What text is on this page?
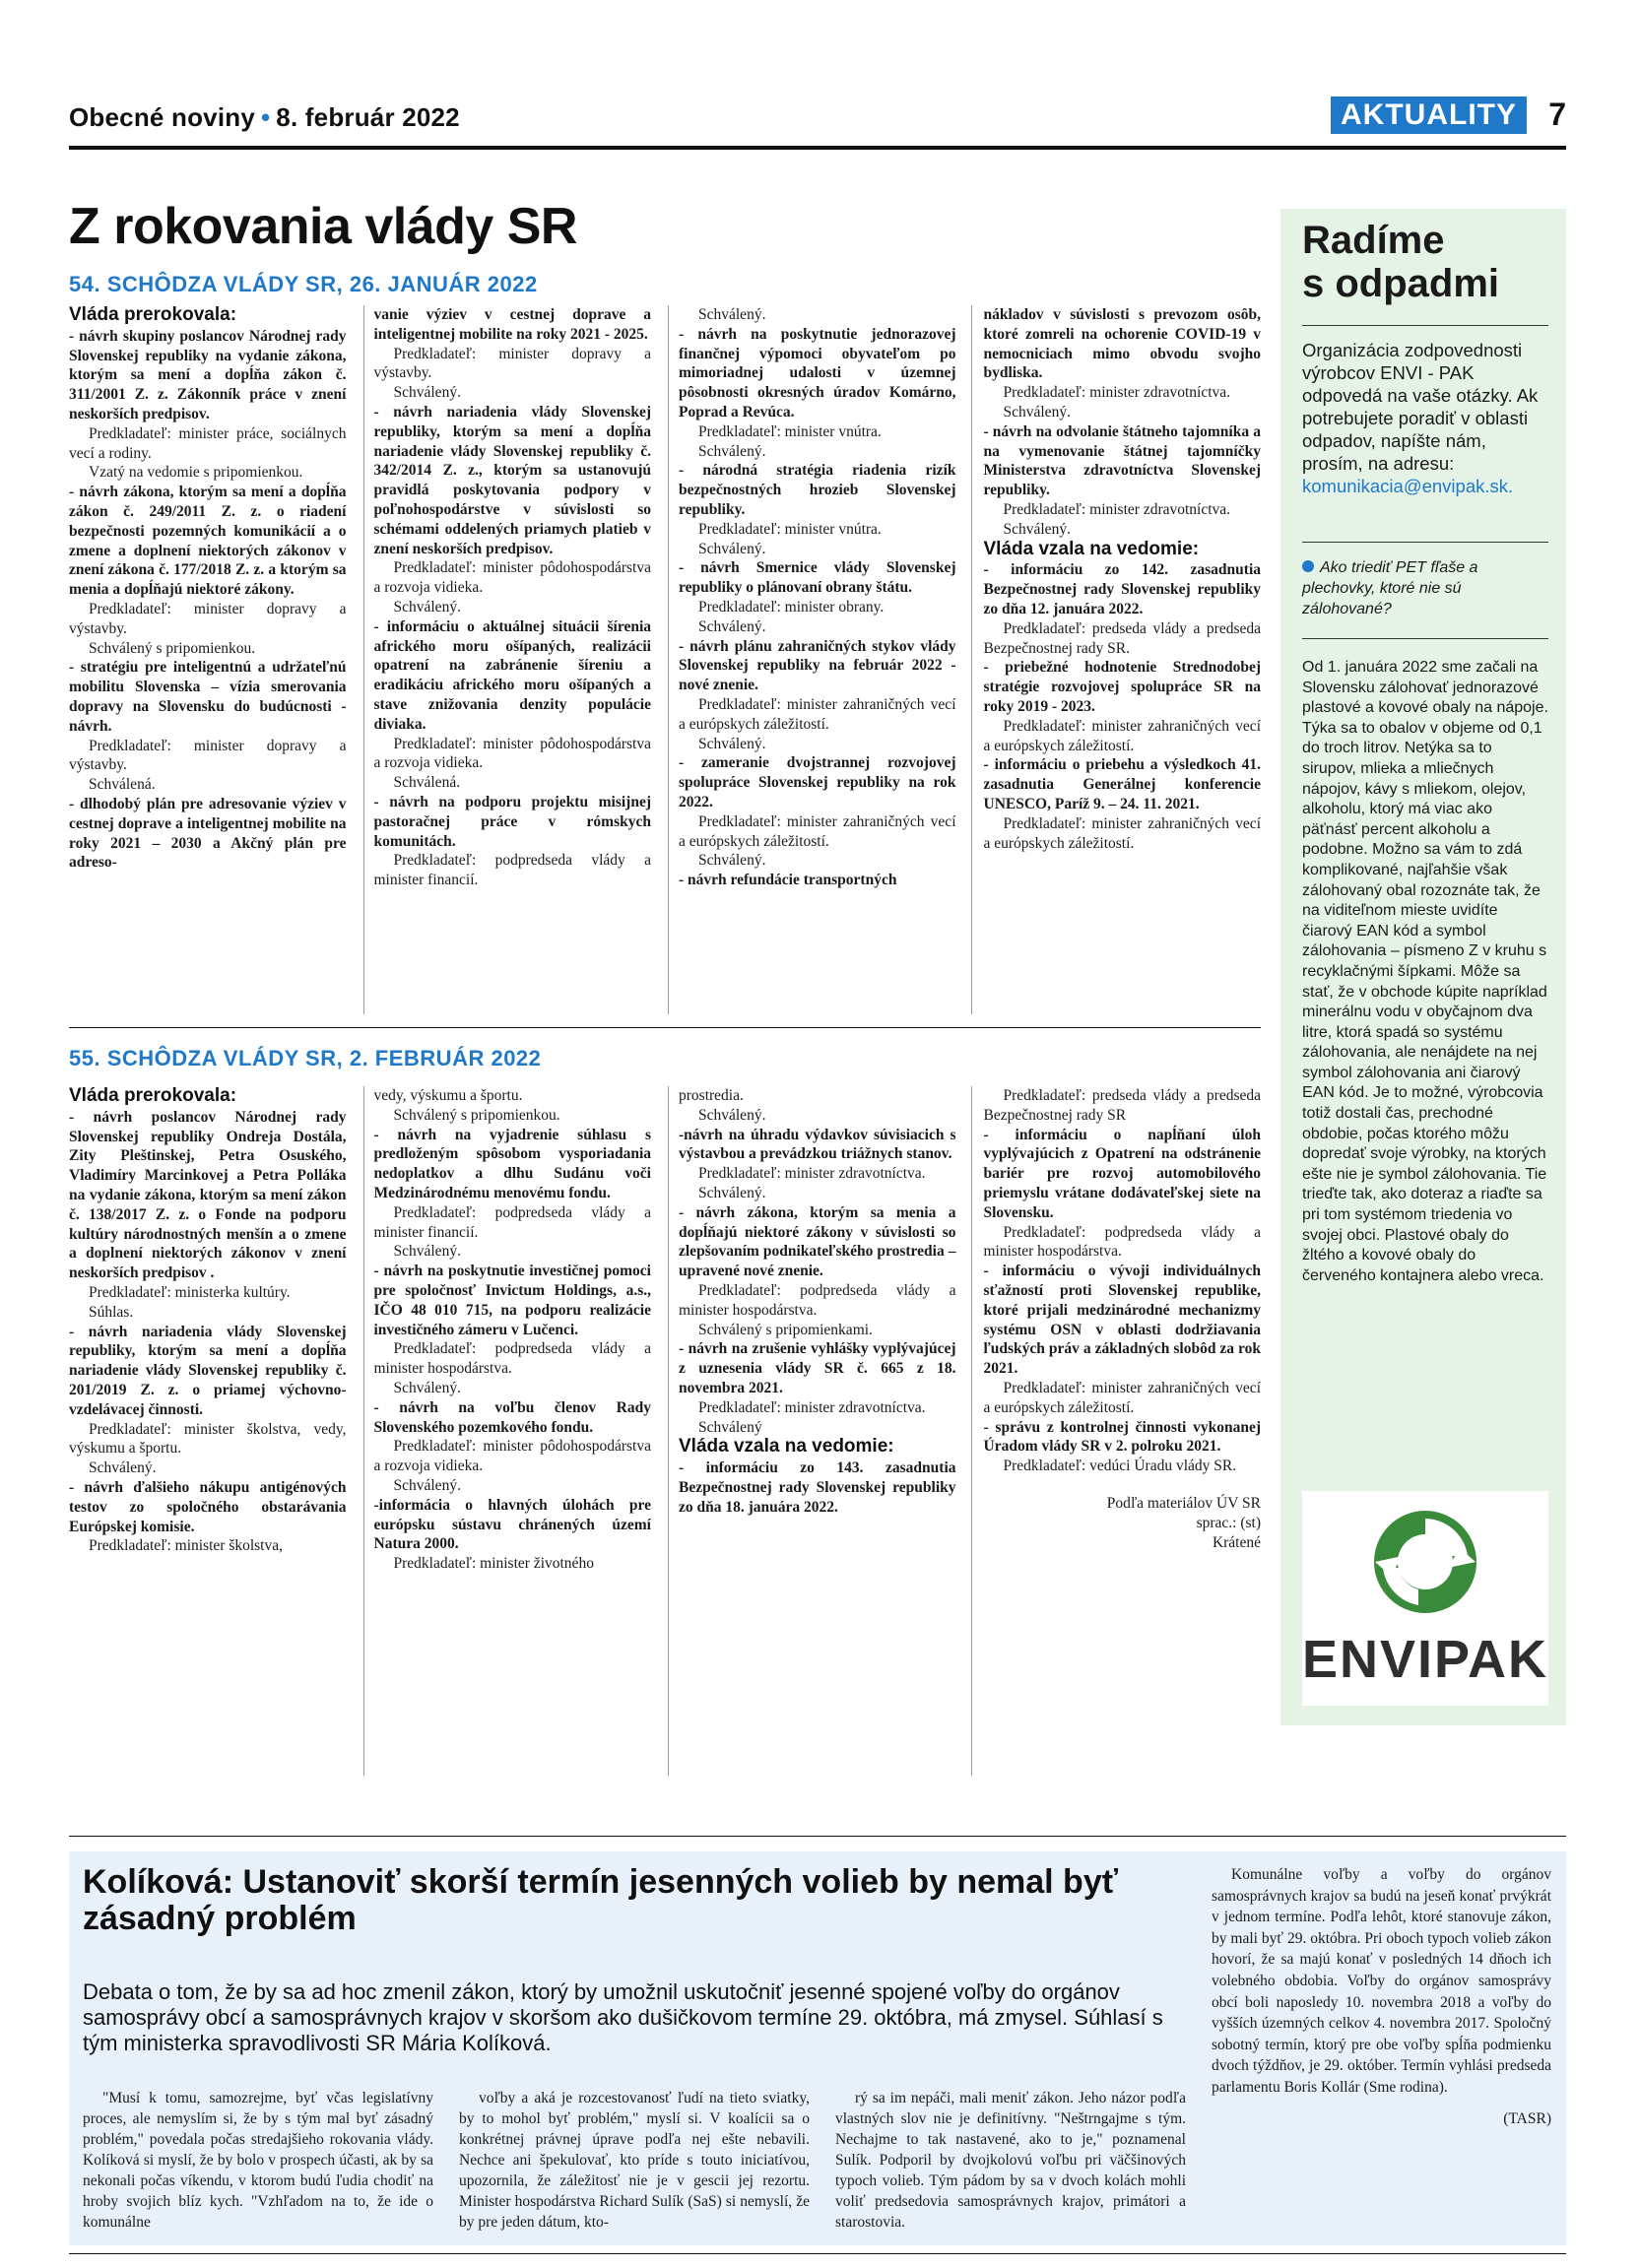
Obecné noviny • 8. február 2022	AKTUALITY	7
Z rokovania vlády SR
54. SCHÔDZA VLÁDY SR, 26. JANUÁR 2022

Vláda prerokovala:

- návrh skupiny poslancov Národnej rady Slovenskej republiky na vydanie zákona, ktorým sa mení a dopĺňa zákon č. 311/2001 Z. z. Zákonník práce v znení neskorších predpisov.

Predkladateľ: minister práce, sociálnych vecí a rodiny.

Vzatý na vedomie s pripomienkou.

- návrh zákona, ktorým sa mení a dopĺňa zákon č. 249/2011 Z. z. o riadení bezpečnosti pozemných komunikácií a o zmene a doplnení niektorých zákonov v znení zákona č. 177/2018 Z. z. a ktorým sa menia a dopĺňajú niektoré zákony.

Predkladateľ: minister dopravy a výstavby.

Schválený s pripomienkou.

- stratégiu pre inteligentnú a udržateľnú mobilitu Slovenska – vízia smerovania dopravy na Slovensku do budúcnosti - návrh.

Predkladateľ: minister dopravy a výstavby.

Schválená.

- dlhodobý plán pre adresovanie výziev v cestnej doprave a inteligentnej mobilite na roky 2021 – 2030 a Akčný plán pre adreso-

vanie výziev v cestnej doprave a inteligentnej mobilite na roky 2021 - 2025.

Predkladateľ: minister dopravy a výstavby.

Schválený.

- návrh nariadenia vlády Slovenskej republiky, ktorým sa mení a dopĺňa nariadenie vlády Slovenskej republiky č. 342/2014 Z. z., ktorým sa ustanovujú pravidlá poskytovania podpory v poľnohospodárstve v súvislosti so schémami oddelených priamych platieb v znení neskorších predpisov.

Predkladateľ: minister pôdohospodárstva a rozvoja vidieka.

Schválený.

- informáciu o aktuálnej situácii šírenia afrického moru ošípaných, realizácii opatrení na zabránenie šíreniu a eradikáciu afrického moru ošípaných a stave znižovania denzity populácie diviaka.

Predkladateľ: minister pôdohospodárstva a rozvoja vidieka.

Schválená.

- návrh na podporu projektu misijnej pastoračnej práce v rómskych komunitách.

Predkladateľ: podpredseda vlády a minister financií.

Schválený.

- návrh na poskytnutie jednorazovej finančnej výpomoci obyvateľom po mimoriadnej udalosti v územnej pôsobnosti okresných úradov Komárno, Poprad a Revúca.

Predkladateľ: minister vnútra.

Schválený.

- národná stratégia riadenia rizík bezpečnostných hrozieb Slovenskej republiky.

Predkladateľ: minister vnútra.

Schválený.

- návrh Smernice vlády Slovenskej republiky o plánovaní obrany štátu.

Predkladateľ: minister obrany.

Schválený.

- návrh plánu zahraničných stykov vlády Slovenskej republiky na február 2022 - nové znenie.

Predkladateľ: minister zahraničných vecí a európskych záležitostí.

Schválený.

- zameranie dvojstrannej rozvojovej spolupráce Slovenskej republiky na rok 2022.

Predkladateľ: minister zahraničných vecí a európskych záležitostí.

Schválený.

- návrh refundácie transportných

nákladov v súvislosti s prevozom osôb, ktoré zomreli na ochorenie COVID-19 v nemocniciach mimo obvodu svojho bydliska.

Predkladateľ: minister zdravotníctva.

Schválený.

- návrh na odvolanie štátneho tajomníka a na vymenovanie štátnej tajomníčky Ministerstva zdravotníctva Slovenskej republiky.

Predkladateľ: minister zdravotníctva.

Schválený.

Vláda vzala na vedomie:

- informáciu zo 142. zasadnutia Bezpečnostnej rady Slovenskej republiky zo dňa 12. januára 2022.

Predkladateľ: predseda vlády a predseda Bezpečnostnej rady SR.

- priebežné hodnotenie Strednodobej stratégie rozvojovej spolupráce SR na roky 2019 - 2023.

Predkladateľ: minister zahraničných vecí a európskych záležitostí.

- informáciu o priebehu a výsledkoch 41. zasadnutia Generálnej konferencie UNESCO, Paríž 9. – 24. 11. 2021.

Predkladateľ: minister zahraničných vecí a európskych záležitostí.

55. SCHÔDZA VLÁDY SR, 2. FEBRUÁR 2022

Vláda prerokovala:

- návrh poslancov Národnej rady Slovenskej republiky Ondreja Dostála, Zity Pleštinskej, Petra Osuského, Vladimíry Marcinkovej a Petra Polláka na vydanie zákona, ktorým sa mení zákon č. 138/2017 Z. z. o Fonde na podporu kultúry národnostných menšín a o zmene a doplnení niektorých zákonov v znení neskorších predpisov .

Predkladateľ: ministerka kultúry.

Súhlas.

- návrh nariadenia vlády Slovenskej republiky, ktorým sa mení a dopĺňa nariadenie vlády Slovenskej republiky č. 201/2019 Z. z. o priamej výchovno-vzdelávacej činnosti.

Predkladateľ: minister školstva, vedy, výskumu a športu.

Schválený.

- návrh ďalšieho nákupu antigénových testov zo spoločného obstarávania Európskej komisie.

Predkladateľ: minister školstva,

vedy, výskumu a športu.

Schválený s pripomienkou.

- návrh na vyjadrenie súhlasu s predloženým spôsobom vysporiadania nedoplatkov a dlhu Sudánu voči Medzinárodnému menovému fondu.

Predkladateľ: podpredseda vlády a minister financií.

Schválený.

- návrh na poskytnutie investičnej pomoci pre spoločnosť Invictum Holdings, a.s., IČO 48 010 715, na podporu realizácie investičného zámeru v Lučenci.

Predkladateľ: podpredseda vlády a minister hospodárstva.

Schválený.

- návrh na voľbu členov Rady Slovenského pozemkového fondu.

Predkladateľ: minister pôdohospodárstva a rozvoja vidieka.

Schválený.

-informácia o hlavných úlohách pre európsku sústavu chránených území Natura 2000.

Predkladateľ: minister životného

prostredia.

Schválený.

-návrh na úhradu výdavkov súvisiacich s výstavbou a prevádzkou triážnych stanov.

Predkladateľ: minister zdravotníctva.

Schválený.

- návrh zákona, ktorým sa menia a dopĺňajú niektoré zákony v súvislosti so zlepšovaním podnikateľského prostredia – upravené nové znenie.

Predkladateľ: podpredseda vlády a minister hospodárstva.

Schválený s pripomienkami.

- návrh na zrušenie vyhlášky vyplývajúcej z uznesenia vlády SR č. 665 z 18. novembra 2021.

Predkladateľ: minister zdravotníctva.

Schválený

Vláda vzala na vedomie:

- informáciu zo 143. zasadnutia Bezpečnostnej rady Slovenskej republiky zo dňa 18. januára 2022.

Predkladateľ: predseda vlády a predseda Bezpečnostnej rady SR

- informáciu o napĺňaní úloh vyplývajúcich z Opatrení na odstránenie bariér pre rozvoj automobilového priemyslu vrátane dodávateľskej siete na Slovensku.

Predkladateľ: podpredseda vlády a minister hospodárstva.

- informáciu o vývoji individuálnych sťažností proti Slovenskej republike, ktoré prijali medzinárodné mechanizmy systému OSN v oblasti dodržiavania ľudských práv a základných slobôd za rok 2021.

Predkladateľ: minister zahraničných vecí a európskych záležitostí.

- správu z kontrolnej činnosti vykonanej Úradom vlády SR v 2. polroku 2021.

Predkladateľ: vedúci Úradu vlády SR.

Podľa materiálov ÚV SR

sprac.: (st)

Krátené

Radíme
s odpadmi
Organizácia zodpovednosti výrobcov ENVI - PAK odpovedá na vaše otázky. Ak potrebujete poradiť v oblasti odpadov, napíšte nám, prosím, na adresu: komunikacia@envipak.sk.
Ako triediť PET fľaše a plechovky, ktoré nie sú zálohované?
Od 1. januára 2022 sme začali na Slovensku zálohovať jednorazové plastové a kovové obaly na nápoje. Týka sa to obalov v objeme od 0,1 do troch litrov. Netýka sa to sirupov, mlieka a mliečnych nápojov, kávy s mliekom, olejov, alkoholu, ktorý má viac ako päťnásť percent alkoholu a podobne. Možno sa vám to zdá komplikované, najľahšie však zálohovaný obal rozoznáte tak, že na viditeľnom mieste uvidíte čiarový EAN kód a symbol zálohovania – písmeno Z v kruhu s recyklačnými šípkami. Môže sa stať, že v obchode kúpite napríklad minerálnu vodu v obyčajnom dva litre, ktorá spadá so systému zálohovania, ale nenájdete na nej symbol zálohovania ani čiarový EAN kód. Je to možné, výrobcovia totiž dostali čas, prechodné obdobie, počas ktorého môžu dopredať svoje výrobky, na ktorých ešte nie je symbol zálohovania. Tie trieďte tak, ako doteraz a riaďte sa pri tom systémom triedenia vo svojej obci. Plastové obaly do žltého a kovové obaly do červeného kontajnera alebo vreca.
ENVIPAK
Kolíková: Ustanoviť skorší termín jesenných volieb by nemal byť zásadný problém
Debata o tom, že by sa ad hoc zmenil zákon, ktorý by umožnil uskutočniť jesenné spojené voľby do orgánov samosprávy obcí a samosprávnych krajov v skoršom ako dušičkovom termíne 29. októbra, má zmysel. Súhlasí s tým ministerka spravodlivosti SR Mária Kolíková.

"Musí k tomu, samozrejme, byť včas legislatívny proces, ale nemyslím si, že by s tým mal byť zásadný problém," povedala počas stredajšieho rokovania vlády. Kolíková si myslí, že by bolo v prospech účasti, ak by sa nekonali počas víkendu, v ktorom budú ľudia chodiť na hroby svojich blíz kych. "Vzhľadom na to, že ide o komunálne

voľby a aká je rozcestovanosť ľudí na tieto sviatky, by to mohol byť problém," myslí si. V koalícii sa o konkrétnej právnej úprave podľa nej ešte nebavili. Nechce ani špekulovať, kto príde s touto iniciatívou, upozornila, že záležitosť nie je v gescii jej rezortu. Minister hospodárstva Richard Sulík (SaS) si nemyslí, že by pre jeden dátum, kto-

rý sa im nepáči, mali meniť zákon. Jeho názor podľa vlastných slov nie je definitívny. "Neštrngajme s tým. Nechajme to tak nastavené, ako to je," poznamenal Sulík. Podporil by dvojkolovú voľbu pri väčšinových typoch volieb. Tým pádom by sa v dvoch kolách mohli voliť predsedovia samosprávnych krajov, primátori a starostovia.

Komunálne voľby a voľby do orgánov samosprávnych krajov sa budú na jeseň konať prvýkrát v jednom termíne. Podľa lehôt, ktoré stanovuje zákon, by mali byť 29. októbra. Pri oboch typoch volieb zákon hovorí, že sa majú konať v posledných 14 dňoch ich volebného obdobia. Voľby do orgánov samosprávy obcí boli naposledy 10. novembra 2018 a voľby do vyšších územných celkov 4. novembra 2017. Spoločný sobotný termín, ktorý pre obe voľby spĺňa podmienku dvoch týždňov, je 29. október. Termín vyhlási predseda parlamentu Boris Kollár (Sme rodina).

(TASR)
